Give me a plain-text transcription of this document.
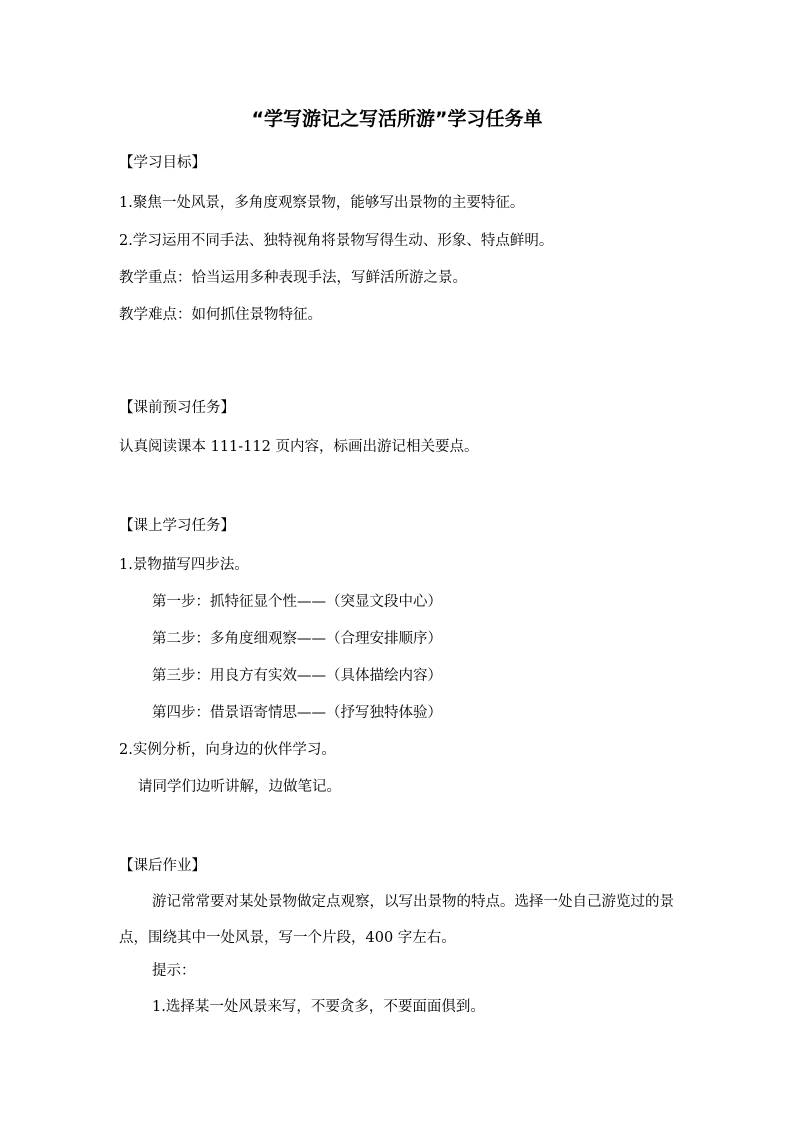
“学写游记之写活所游”学习任务单
【学习目标】
1.聚焦一处风景，多角度观察景物，能够写出景物的主要特征。
2.学习运用不同手法、独特视角将景物写得生动、形象、特点鲜明。
教学重点：恰当运用多种表现手法，写鲜活所游之景。
教学难点：如何抓住景物特征。
【课前预习任务】
认真阅读课本 111-112 页内容，标画出游记相关要点。
【课上学习任务】
1.景物描写四步法。
第一步：抓特征显个性——（突显文段中心）
第二步：多角度细观察——（合理安排顺序）
第三步：用良方有实效——（具体描绘内容）
第四步：借景语寄情思——（抒写独特体验）
2.实例分析，向身边的伙伴学习。
请同学们边听讲解，边做笔记。
【课后作业】
游记常常要对某处景物做定点观察，以写出景物的特点。选择一处自己游览过的景点，围绕其中一处风景，写一个片段，400 字左右。
提示：
1.选择某一处风景来写，不要贪多，不要面面俱到。
